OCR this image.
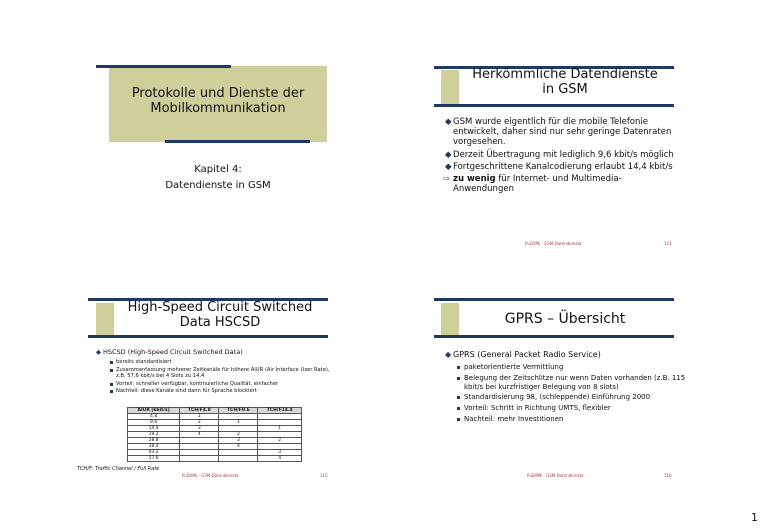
Protokolle und Dienste der
Mobilkommunikation
Kapitel 4:
Datendienste in GSM
Herkömmliche Datendienste
in GSM
◆ GSM wurde eigentlich für die mobile Telefonie entwickelt, daher sind nur sehr geringe Datenraten vorgesehen.
◆ Derzeit Übertragung mit lediglich 9,6 kbit/s möglich
◆ Fortgeschrittene Kanalcodierung erlaubt 14,4 kbit/s
⇨ zu wenig für Internet- und Multimedia-Anwendungen
PuDiMK - GSM-Datendienste	114
High-Speed Circuit Switched
Data HSCSD
◆ HSCSD (High-Speed Circuit Switched Data)
bereits standardisiert
Zusammenfassung mehrerer Zeitkanäle für höhere AIUR (Air Interface User Rate), z.B. 57,6 kbit/s bei 4 Slots zu 14,4
Vorteil: schneller verfügbar, kontinuierliche Qualität, einfacher
Nachteil: diese Kanäle sind dann für Sprache blockiert
AIUR [kbit/s]	TCH/F4.8	TCH/F9.6	TCH/F14.4
4.8	1		
9.6	2	1	
14.4	3		1
19.2	4	2	
28.8		3	2
38.4		4	
43.2			3
57.6			4
TCH/F: Traffic Channel / Full Rate
PuDiMK - GSM-Datendienste	115
GPRS – Übersicht
◆ GPRS (General Packet Radio Service)
paketorientierte Vermittlung
Belegung der Zeitschlitze nur wenn Daten vorhanden (z.B. 115 kbit/s bei kurzfristiger Belegung von 8 slots)
Standardisierung 98, (schleppende) Einführung 2000
Vorteil: Schritt in Richtung UMTS, flexibler
Nachteil: mehr Investitionen
PuDiMK - GSM-Datendienste	116
1
